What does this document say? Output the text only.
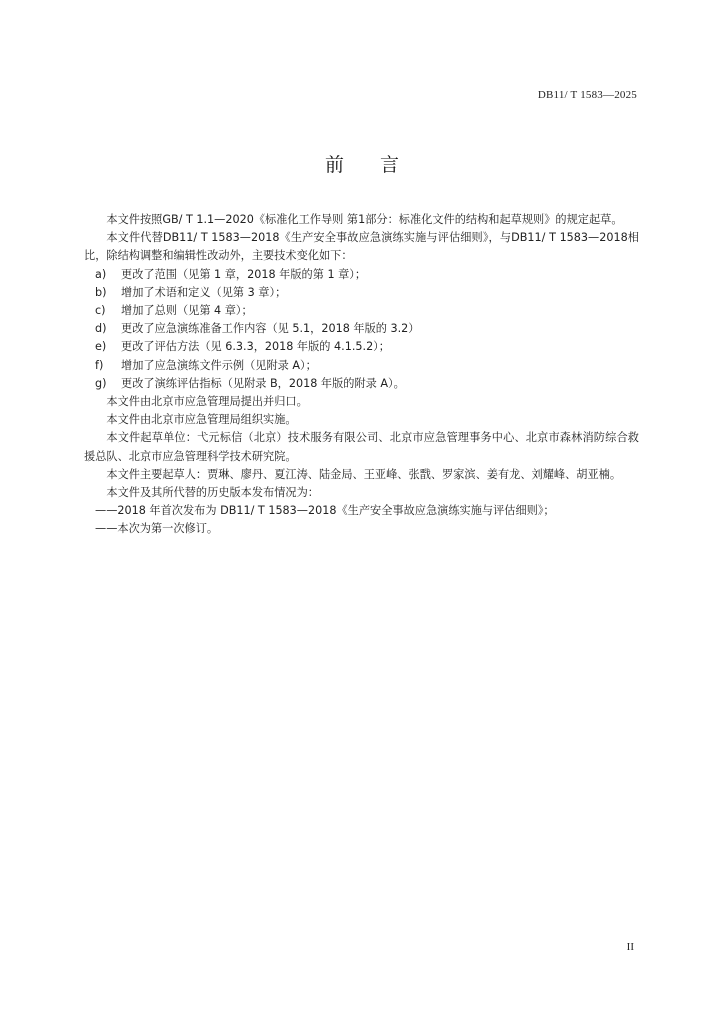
DB11/ T 1583—2025
前言

本文件按照GB/ T 1.1—2020《标准化工作导则 第1部分：标准化文件的结构和起草规则》的规定起草。

本文件代替DB11/ T 1583—2018《生产安全事故应急演练实施与评估细则》，与DB11/ T 1583—2018相比，除结构调整和编辑性改动外，主要技术变化如下：

a)	更改了范围（见第 1 章，2018 年版的第 1 章）；
b)	增加了术语和定义（见第 3 章）；
c)	增加了总则（见第 4 章）；
d)	更改了应急演练准备工作内容（见 5.1，2018 年版的 3.2）
e)	更改了评估方法（见 6.3.3，2018 年版的 4.1.5.2）；
f)	增加了应急演练文件示例（见附录 A）；
g)	更改了演练评估指标（见附录 B，2018 年版的附录 A）。

本文件由北京市应急管理局提出并归口。

本文件由北京市应急管理局组织实施。

本文件起草单位：弋元标信（北京）技术服务有限公司、北京市应急管理事务中心、北京市森林消防综合救援总队、北京市应急管理科学技术研究院。

本文件主要起草人：贾琳、廖丹、夏江涛、陆金局、王亚峰、张戬、罗家滨、姜有龙、刘耀峰、胡亚楠。

本文件及其所代替的历史版本发布情况为：

——2018 年首次发布为 DB11/ T 1583—2018《生产安全事故应急演练实施与评估细则》；

——本次为第一次修订。

II
